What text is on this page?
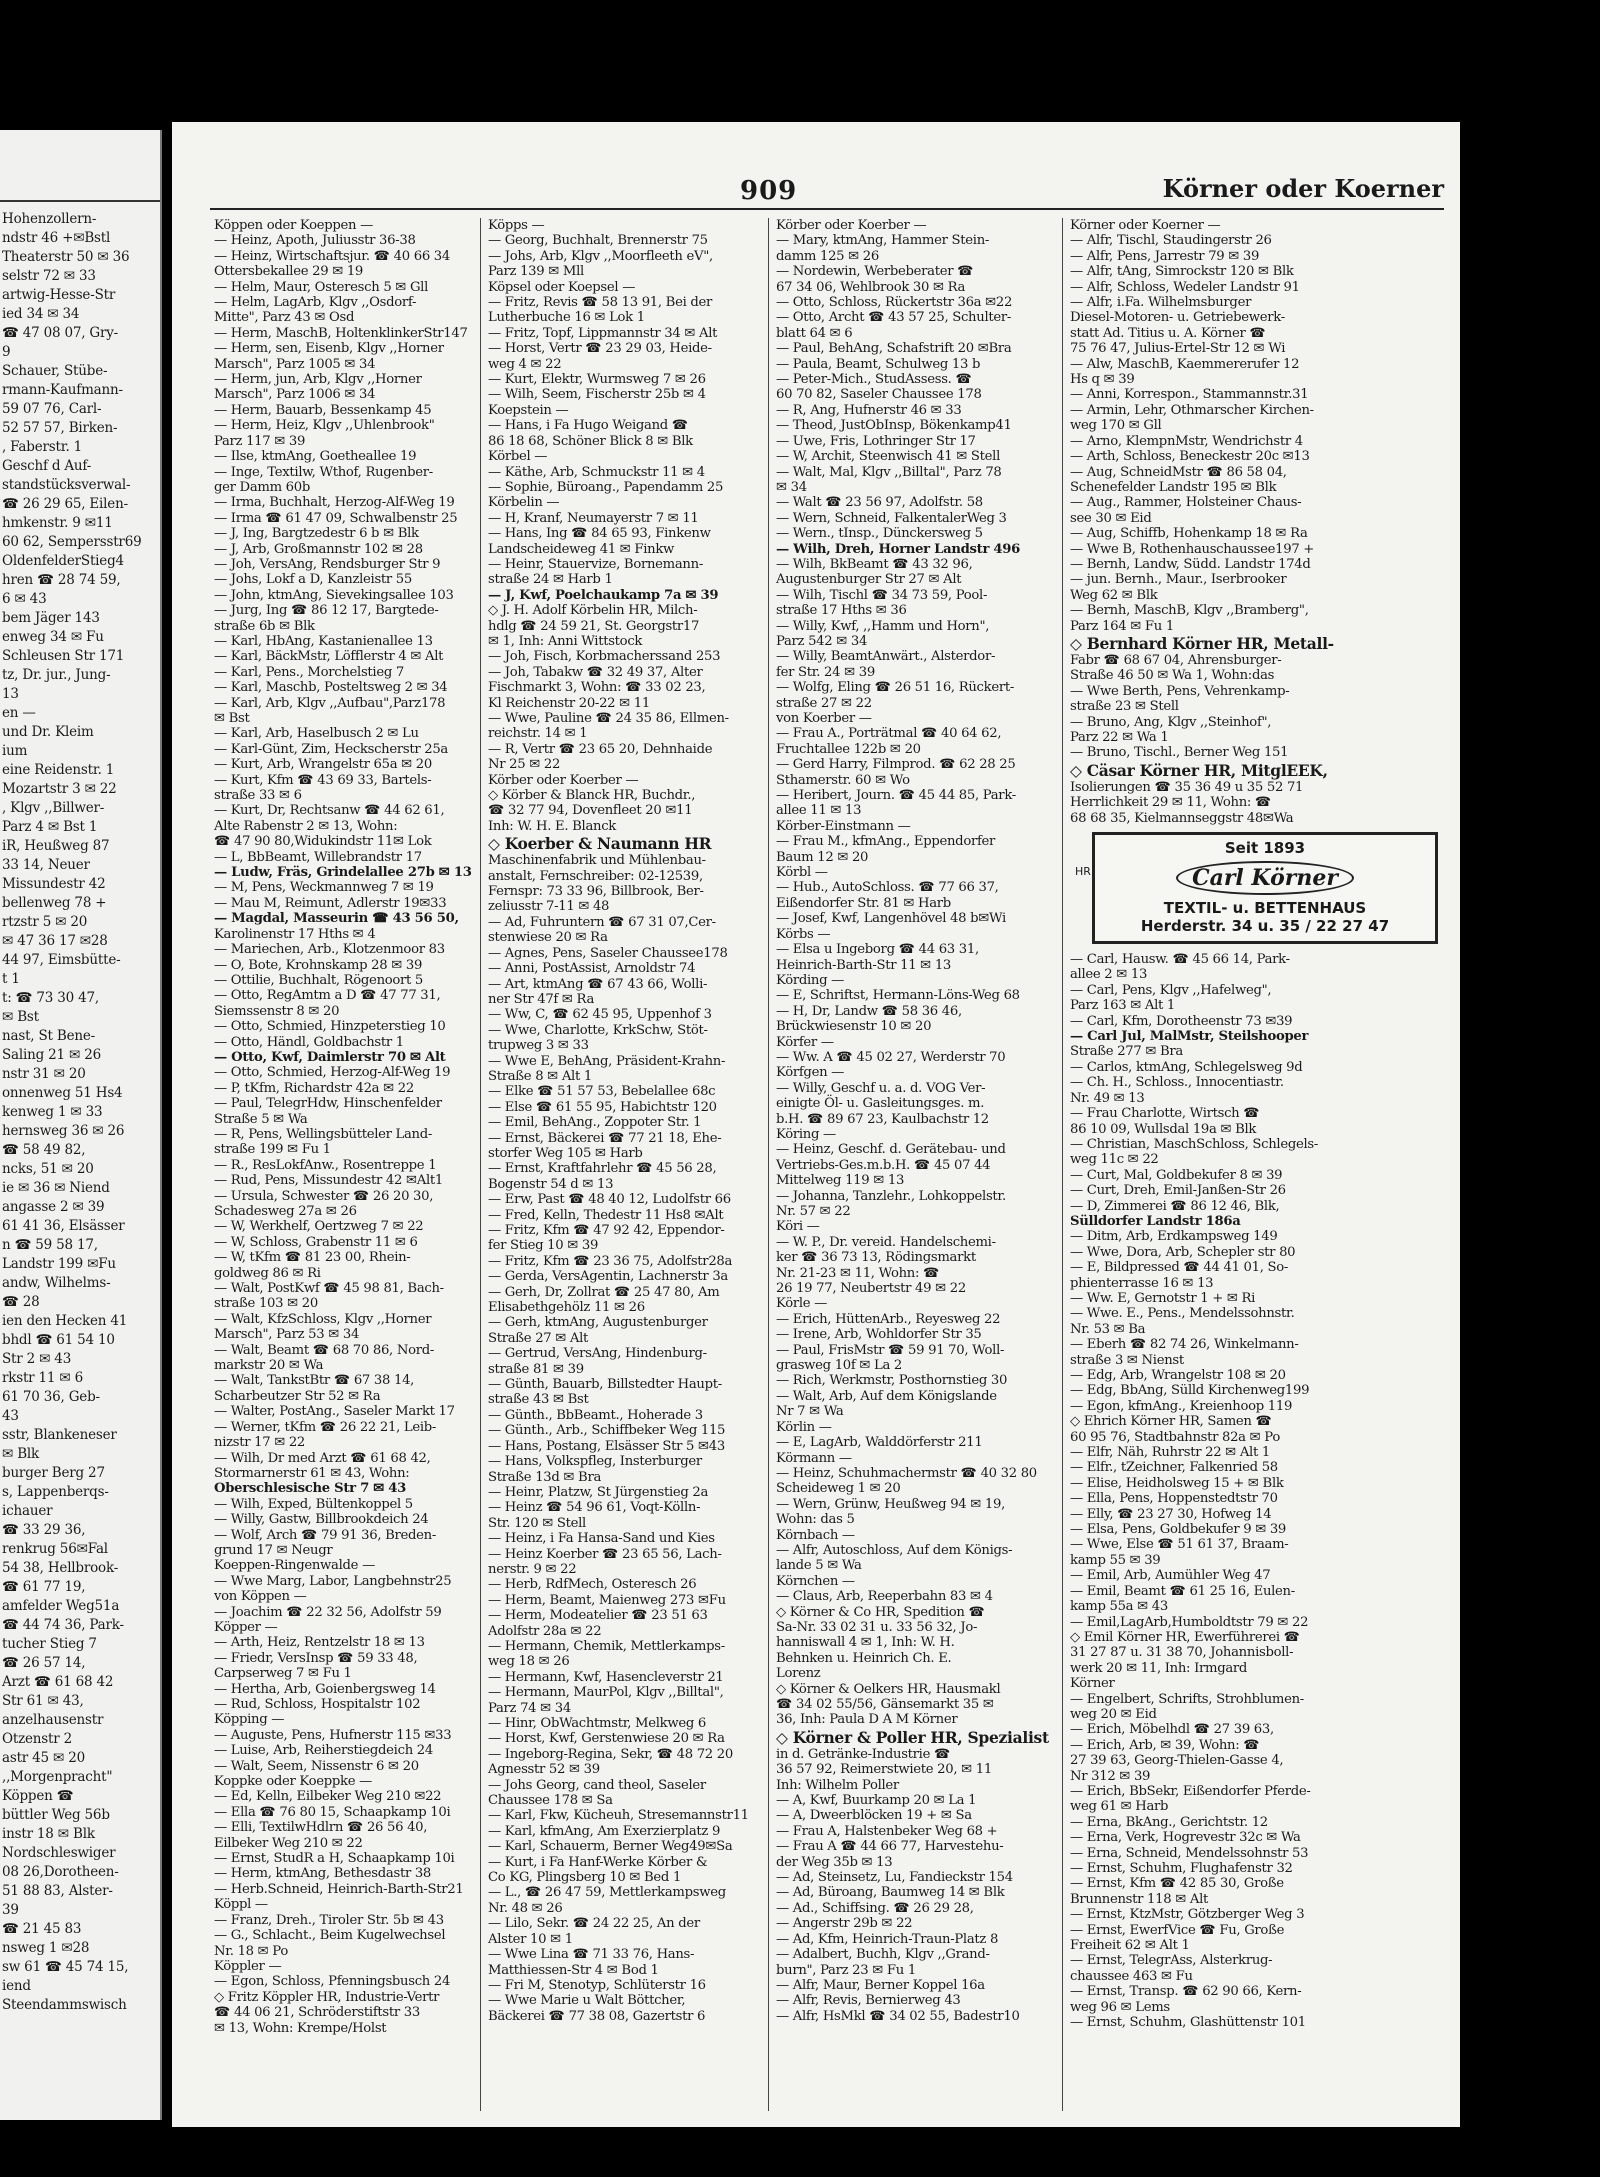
Hohenzollern-
ndstr 46 +✉Bstl
Theaterstr 50 ✉ 36
selstr 72 ✉ 33
artwig-Hesse-Str
ied 34 ✉ 34
☎ 47 08 07, Gry-
9
Schauer, Stübe-
rmann-Kaufmann-
59 07 76, Carl-
52 57 57, Birken-
, Faberstr. 1
Geschf d Auf-
standstücksverwal-
☎ 26 29 65, Eilen-
hmkenstr. 9 ✉11
60 62, Sempersstr69
OldenfelderStieg4
hren ☎ 28 74 59,
6 ✉ 43
bem Jäger 143
enweg 34 ✉ Fu
Schleusen Str 171
tz, Dr. jur., Jung-
13
en —
und Dr. Kleim
ium
eine Reidenstr. 1
Mozartstr 3 ✉ 22
, Klgv ,,Billwer-
Parz 4 ✉ Bst 1
iR, Heußweg 87
33 14, Neuer
Missundestr 42
bellenweg 78 +
rtzstr 5 ✉ 20
✉ 47 36 17 ✉28
44 97, Eimsbütte-
t 1
t: ☎ 73 30 47,
✉ Bst
nast, St Bene-
Saling 21 ✉ 26
nstr 31 ✉ 20
onnenweg 51 Hs4
kenweg 1 ✉ 33
hernsweg 36 ✉ 26
☎ 58 49 82,
ncks, 51 ✉ 20
ie ✉ 36 ✉ Niend
angasse 2 ✉ 39
61 41 36, Elsässer
n ☎ 59 58 17,
Landstr 199 ✉Fu
andw, Wilhelms-
☎ 28
ien den Hecken 41
bhdl ☎ 61 54 10
Str 2 ✉ 43
rkstr 11 ✉ 6
61 70 36, Geb-
43
sstr, Blankeneser
✉ Blk
burger Berg 27
s, Lappenberqs-
ichauer
☎ 33 29 36,
renkrug 56✉Fal
54 38, Hellbrook-
☎ 61 77 19,
amfelder Weg51a
☎ 44 74 36, Park-
tucher Stieg 7
☎ 26 57 14,
Arzt ☎ 61 68 42
Str 61 ✉ 43,
anzelhausenstr
Otzenstr 2
astr 45 ✉ 20
,,Morgenpracht"
Köppen ☎
büttler Weg 56b
instr 18 ✉ Blk
Nordschleswiger
08 26,Dorotheen-
51 88 83, Alster-
39
☎ 21 45 83
nsweg 1 ✉28
sw 61 ☎ 45 74 15,
iend
Steendammswisch
909	Körner oder Koerner
Köppen oder Koeppen —
— Heinz, Apoth, Juliusstr 36-38
— Heinz, Wirtschaftsjur. ☎ 40 66 34
Ottersbekallee 29 ✉ 19
— Helm, Maur, Osteresch 5 ✉ Gll
— Helm, LagArb, Klgv ,,Osdorf-
Mitte", Parz 43 ✉ Osd
— Herm, MaschB, HoltenklinkerStr147
— Herm, sen, Eisenb, Klgv ,,Horner
Marsch", Parz 1005 ✉ 34
— Herm, jun, Arb, Klgv ,,Horner
Marsch", Parz 1006 ✉ 34
— Herm, Bauarb, Bessenkamp 45
— Herm, Heiz, Klgv ,,Uhlenbrook"
Parz 117 ✉ 39
— Ilse, ktmAng, Goetheallee 19
— Inge, Textilw, Wthof, Rugenber-
ger Damm 60b
— Irma, Buchhalt, Herzog-Alf-Weg 19
— Irma ☎ 61 47 09, Schwalbenstr 25
— J, Ing, Bargtzedestr 6 b ✉ Blk
— J, Arb, Großmannstr 102 ✉ 28
— Joh, VersAng, Rendsburger Str 9
— Johs, Lokf a D, Kanzleistr 55
— John, ktmAng, Sievekingsallee 103
— Jurg, Ing ☎ 86 12 17, Bargtede-
straße 6b ✉ Blk
— Karl, HbAng, Kastanienallee 13
— Karl, BäckMstr, Löfflerstr 4 ✉ Alt
— Karl, Pens., Morchelstieg 7
— Karl, Maschb, Posteltsweg 2 ✉ 34
— Karl, Arb, Klgv ,,Aufbau",Parz178
✉ Bst
— Karl, Arb, Haselbusch 2 ✉ Lu
— Karl-Günt, Zim, Heckscherstr 25a
— Kurt, Arb, Wrangelstr 65a ✉ 20
— Kurt, Kfm ☎ 43 69 33, Bartels-
straße 33 ✉ 6
— Kurt, Dr, Rechtsanw ☎ 44 62 61,
Alte Rabenstr 2 ✉ 13, Wohn:
☎ 47 90 80,Widukindstr 11✉ Lok
— L, BbBeamt, Willebrandstr 17
— Ludw, Fräs, Grindelallee 27b ✉ 13
— M, Pens, Weckmannweg 7 ✉ 19
— Mau M, Reimunt, Adlerstr 19✉33
— Magdal, Masseurin ☎ 43 56 50,
Karolinenstr 17 Hths ✉ 4
— Mariechen, Arb., Klotzenmoor 83
— O, Bote, Krohnskamp 28 ✉ 39
— Ottilie, Buchhalt, Rögenoort 5
— Otto, RegAmtm a D ☎ 47 77 31,
Siemssenstr 8 ✉ 20
— Otto, Schmied, Hinzpeterstieg 10
— Otto, Händl, Goldbachstr 1
— Otto, Kwf, Daimlerstr 70 ✉ Alt
— Otto, Schmied, Herzog-Alf-Weg 19
— P, tKfm, Richardstr 42a ✉ 22
— Paul, TelegrHdw, Hinschenfelder
Straße 5 ✉ Wa
— R, Pens, Wellingsbütteler Land-
straße 199 ✉ Fu 1
— R., ResLokfAnw., Rosentreppe 1
— Rud, Pens, Missundestr 42 ✉Alt1
— Ursula, Schwester ☎ 26 20 30,
Schadesweg 27a ✉ 26
— W, Werkhelf, Oertzweg 7 ✉ 22
— W, Schloss, Grabenstr 11 ✉ 6
— W, tKfm ☎ 81 23 00, Rhein-
goldweg 86 ✉ Ri
— Walt, PostKwf ☎ 45 98 81, Bach-
straße 103 ✉ 20
— Walt, KfzSchloss, Klgv ,,Horner
Marsch", Parz 53 ✉ 34
— Walt, Beamt ☎ 68 70 86, Nord-
markstr 20 ✉ Wa
— Walt, TankstBtr ☎ 67 38 14,
Scharbeutzer Str 52 ✉ Ra
— Walter, PostAng., Saseler Markt 17
— Werner, tKfm ☎ 26 22 21, Leib-
nizstr 17 ✉ 22
— Wilh, Dr med Arzt ☎ 61 68 42,
Stormarnerstr 61 ✉ 43, Wohn:
Oberschlesische Str 7 ✉ 43
— Wilh, Exped, Bültenkoppel 5
— Willy, Gastw, Billbrookdeich 24
— Wolf, Arch ☎ 79 91 36, Breden-
grund 17 ✉ Neugr
Koeppen-Ringenwalde —
— Wwe Marg, Labor, Langbehnstr25
von Köppen —
— Joachim ☎ 22 32 56, Adolfstr 59
Köpper —
— Arth, Heiz, Rentzelstr 18 ✉ 13
— Friedr, VersInsp ☎ 59 33 48,
Carpserweg 7 ✉ Fu 1
— Hertha, Arb, Goienbergsweg 14
— Rud, Schloss, Hospitalstr 102
Köpping —
— Auguste, Pens, Hufnerstr 115 ✉33
— Luise, Arb, Reiherstiegdeich 24
— Walt, Seem, Nissenstr 6 ✉ 20
Koppke oder Koeppke —
— Ed, Kelln, Eilbeker Weg 210 ✉22
— Ella ☎ 76 80 15, Schaapkamp 10i
— Elli, TextilwHdlrn ☎ 26 56 40,
Eilbeker Weg 210 ✉ 22
— Ernst, StudR a H, Schaapkamp 10i
— Herm, ktmAng, Bethesdastr 38
— Herb.Schneid, Heinrich-Barth-Str21
Köppl —
— Franz, Dreh., Tiroler Str. 5b ✉ 43
— G., Schlacht., Beim Kugelwechsel
Nr. 18 ✉ Po
Köppler —
— Egon, Schloss, Pfenningsbusch 24
◇ Fritz Köppler HR, Industrie-Vertr
☎ 44 06 21, Schröderstiftstr 33
✉ 13, Wohn: Krempe/Holst
Köpps —
— Georg, Buchhalt, Brennerstr 75
— Johs, Arb, Klgv ,,Moorfleeth eV",
Parz 139 ✉ Mll
Köpsel oder Koepsel —
— Fritz, Revis ☎ 58 13 91, Bei der
Lutherbuche 16 ✉ Lok 1
— Fritz, Topf, Lippmannstr 34 ✉ Alt
— Horst, Vertr ☎ 23 29 03, Heide-
weg 4 ✉ 22
— Kurt, Elektr, Wurmsweg 7 ✉ 26
— Wilh, Seem, Fischerstr 25b ✉ 4
Koepstein —
— Hans, i Fa Hugo Weigand ☎
86 18 68, Schöner Blick 8 ✉ Blk
Körbel —
— Käthe, Arb, Schmuckstr 11 ✉ 4
— Sophie, Büroang., Papendamm 25
Körbelin —
— H, Kranf, Neumayerstr 7 ✉ 11
— Hans, Ing ☎ 84 65 93, Finkenw
Landscheideweg 41 ✉ Finkw
— Heinr, Stauervize, Bornemann-
straße 24 ✉ Harb 1
— J, Kwf, Poelchaukamp 7a ✉ 39
◇ J. H. Adolf Körbelin HR, Milch-
hdlg ☎ 24 59 21, St. Georgstr17
✉ 1, Inh: Anni Wittstock
— Joh, Fisch, Korbmacherssand 253
— Joh, Tabakw ☎ 32 49 37, Alter
Fischmarkt 3, Wohn: ☎ 33 02 23,
Kl Reichenstr 20-22 ✉ 11
— Wwe, Pauline ☎ 24 35 86, Ellmen-
reichstr. 14 ✉ 1
— R, Vertr ☎ 23 65 20, Dehnhaide
Nr 25 ✉ 22
Körber oder Koerber —
◇ Körber & Blanck HR, Buchdr.,
☎ 32 77 94, Dovenfleet 20 ✉11
Inh: W. H. E. Blanck
◇ Koerber & Naumann HR
Maschinenfabrik und Mühlenbau-
anstalt, Fernschreiber: 02-12539,
Fernspr: 73 33 96, Billbrook, Ber-
zeliusstr 7-11 ✉ 48
— Ad, Fuhruntern ☎ 67 31 07,Cer-
stenwiese 20 ✉ Ra
— Agnes, Pens, Saseler Chaussee178
— Anni, PostAssist, Arnoldstr 74
— Art, ktmAng ☎ 67 43 66, Wolli-
ner Str 47f ✉ Ra
— Ww, C, ☎ 62 45 95, Uppenhof 3
— Wwe, Charlotte, KrkSchw, Stöt-
trupweg 3 ✉ 33
— Wwe E, BehAng, Präsident-Krahn-
Straße 8 ✉ Alt 1
— Elke ☎ 51 57 53, Bebelallee 68c
— Else ☎ 61 55 95, Habichtstr 120
— Emil, BehAng., Zoppoter Str. 1
— Ernst, Bäckerei ☎ 77 21 18, Ehe-
storfer Weg 105 ✉ Harb
— Ernst, Kraftfahrlehr ☎ 45 56 28,
Bogenstr 54 d ✉ 13
— Erw, Past ☎ 48 40 12, Ludolfstr 66
— Fred, Kelln, Thedestr 11 Hs8 ✉Alt
— Fritz, Kfm ☎ 47 92 42, Eppendor-
fer Stieg 10 ✉ 39
— Fritz, Kfm ☎ 23 36 75, Adolfstr28a
— Gerda, VersAgentin, Lachnerstr 3a
— Gerh, Dr, Zollrat ☎ 25 47 80, Am
Elisabethgehölz 11 ✉ 26
— Gerh, ktmAng, Augustenburger
Straße 27 ✉ Alt
— Gertrud, VersAng, Hindenburg-
straße 81 ✉ 39
— Günth, Bauarb, Billstedter Haupt-
straße 43 ✉ Bst
— Günth., BbBeamt., Hoherade 3
— Günth., Arb., Schiffbeker Weg 115
— Hans, Postang, Elsässer Str 5 ✉43
— Hans, Volkspfleg, Insterburger
Straße 13d ✉ Bra
— Heinr, Platzw, St Jürgenstieg 2a
— Heinz ☎ 54 96 61, Voqt-Kölln-
Str. 120 ✉ Stell
— Heinz, i Fa Hansa-Sand und Kies
— Heinz Koerber ☎ 23 65 56, Lach-
nerstr. 9 ✉ 22
— Herb, RdfMech, Osteresch 26
— Herm, Beamt, Maienweg 273 ✉Fu
— Herm, Modeatelier ☎ 23 51 63
Adolfstr 28a ✉ 22
— Hermann, Chemik, Mettlerkamps-
weg 18 ✉ 26
— Hermann, Kwf, Hasencleverstr 21
— Hermann, MaurPol, Klgv ,,Billtal",
Parz 74 ✉ 34
— Hinr, ObWachtmstr, Melkweg 6
— Horst, Kwf, Gerstenwiese 20 ✉ Ra
— Ingeborg-Regina, Sekr, ☎ 48 72 20
Agnesstr 52 ✉ 39
— Johs Georg, cand theol, Saseler
Chaussee 178 ✉ Sa
— Karl, Fkw, Kücheuh, Stresemannstr11
— Karl, kfmAng, Am Exerzierplatz 9
— Karl, Schauerm, Berner Weg49✉Sa
— Kurt, i Fa Hanf-Werke Körber &
Co KG, Plingsberg 10 ✉ Bed 1
— L., ☎ 26 47 59, Mettlerkampsweg
Nr. 48 ✉ 26
— Lilo, Sekr. ☎ 24 22 25, An der
Alster 10 ✉ 1
— Wwe Lina ☎ 71 33 76, Hans-
Matthiessen-Str 4 ✉ Bod 1
— Fri M, Stenotyp, Schlüterstr 16
— Wwe Marie u Walt Böttcher,
Bäckerei ☎ 77 38 08, Gazertstr 6
Körber oder Koerber —
— Mary, ktmAng, Hammer Stein-
damm 125 ✉ 26
— Nordewin, Werbeberater ☎
67 34 06, Wehlbrook 30 ✉ Ra
— Otto, Schloss, Rückertstr 36a ✉22
— Otto, Archt ☎ 43 57 25, Schulter-
blatt 64 ✉ 6
— Paul, BehAng, Schafstrift 20 ✉Bra
— Paula, Beamt, Schulweg 13 b
— Peter-Mich., StudAssess. ☎
60 70 82, Saseler Chaussee 178
— R, Ang, Hufnerstr 46 ✉ 33
— Theod, JustObInsp, Bökenkamp41
— Uwe, Fris, Lothringer Str 17
— W, Archit, Steenwisch 41 ✉ Stell
— Walt, Mal, Klgv ,,Billtal", Parz 78
✉ 34
— Walt ☎ 23 56 97, Adolfstr. 58
— Wern, Schneid, FalkentalerWeg 3
— Wern., tInsp., Dünckersweg 5
— Wilh, Dreh, Horner Landstr 496
— Wilh, BkBeamt ☎ 43 32 96,
Augustenburger Str 27 ✉ Alt
— Wilh, Tischl ☎ 34 73 59, Pool-
straße 17 Hths ✉ 36
— Willy, Kwf, ,,Hamm und Horn",
Parz 542 ✉ 34
— Willy, BeamtAnwärt., Alsterdor-
fer Str. 24 ✉ 39
— Wolfg, Eling ☎ 26 51 16, Rückert-
straße 27 ✉ 22
von Koerber —
— Frau A., Porträtmal ☎ 40 64 62,
Fruchtallee 122b ✉ 20
— Gerd Harry, Filmprod. ☎ 62 28 25
Sthamerstr. 60 ✉ Wo
— Heribert, Journ. ☎ 45 44 85, Park-
allee 11 ✉ 13
Körber-Einstmann —
— Frau M., kfmAng., Eppendorfer
Baum 12 ✉ 20
Körbl —
— Hub., AutoSchloss. ☎ 77 66 37,
Eißendorfer Str. 81 ✉ Harb
— Josef, Kwf, Langenhövel 48 b✉Wi
Körbs —
— Elsa u Ingeborg ☎ 44 63 31,
Heinrich-Barth-Str 11 ✉ 13
Körding —
— E, Schriftst, Hermann-Löns-Weg 68
— H, Dr, Landw ☎ 58 36 46,
Brückwiesenstr 10 ✉ 20
Körfer —
— Ww. A ☎ 45 02 27, Werderstr 70
Körfgen —
— Willy, Geschf u. a. d. VOG Ver-
einigte Öl- u. Gasleitungsges. m.
b.H. ☎ 89 67 23, Kaulbachstr 12
Köring —
— Heinz, Geschf. d. Gerätebau- und
Vertriebs-Ges.m.b.H. ☎ 45 07 44
Mittelweg 119 ✉ 13
— Johanna, Tanzlehr., Lohkoppelstr.
Nr. 57 ✉ 22
Köri —
— W. P., Dr. vereid. Handelschemi-
ker ☎ 36 73 13, Rödingsmarkt
Nr. 21-23 ✉ 11, Wohn: ☎
26 19 77, Neubertstr 49 ✉ 22
Körle —
— Erich, HüttenArb., Reyesweg 22
— Irene, Arb, Wohldorfer Str 35
— Paul, FrisMstr ☎ 59 91 70, Woll-
grasweg 10f ✉ La 2
— Rich, Werkmstr, Posthornstieg 30
— Walt, Arb, Auf dem Königslande
Nr 7 ✉ Wa
Körlin —
— E, LagArb, Walddörferstr 211
Körmann —
— Heinz, Schuhmachermstr ☎ 40 32 80
Scheideweg 1 ✉ 20
— Wern, Grünw, Heußweg 94 ✉ 19,
Wohn: das 5
Körnbach —
— Alfr, Autoschloss, Auf dem Königs-
lande 5 ✉ Wa
Körnchen —
— Claus, Arb, Reeperbahn 83 ✉ 4
◇ Körner & Co HR, Spedition ☎
Sa-Nr. 33 02 31 u. 33 56 32, Jo-
hanniswall 4 ✉ 1, Inh: W. H.
Behnken u. Heinrich Ch. E.
Lorenz
◇ Körner & Oelkers HR, Hausmakl
☎ 34 02 55/56, Gänsemarkt 35 ✉
36, Inh: Paula D A M Körner
◇ Körner & Poller HR, Spezialist
in d. Getränke-Industrie ☎
36 57 92, Reimerstwiete 20, ✉ 11
Inh: Wilhelm Poller
— A, Kwf, Buurkamp 20 ✉ La 1
— A, Dweerblöcken 19 + ✉ Sa
— Frau A, Halstenbeker Weg 68 +
— Frau A ☎ 44 66 77, Harvestehu-
der Weg 35b ✉ 13
— Ad, Steinsetz, Lu, Fandieckstr 154
— Ad, Büroang, Baumweg 14 ✉ Blk
— Ad., Schiffsing. ☎ 26 29 28,
— Angerstr 29b ✉ 22
— Ad, Kfm, Heinrich-Traun-Platz 8
— Adalbert, Buchh, Klgv ,,Grand-
burn", Parz 23 ✉ Fu 1
— Alfr, Maur, Berner Koppel 16a
— Alfr, Revis, Bernierweg 43
— Alfr, HsMkl ☎ 34 02 55, Badestr10
Körner oder Koerner —
— Alfr, Tischl, Staudingerstr 26
— Alfr, Pens, Jarrestr 79 ✉ 39
— Alfr, tAng, Simrockstr 120 ✉ Blk
— Alfr, Schloss, Wedeler Landstr 91
— Alfr, i.Fa. Wilhelmsburger
Diesel-Motoren- u. Getriebewerk-
statt Ad. Titius u. A. Körner ☎
75 76 47, Julius-Ertel-Str 12 ✉ Wi
— Alw, MaschB, Kaemmererufer 12
Hs q ✉ 39
— Anni, Korrespon., Stammannstr.31
— Armin, Lehr, Othmarscher Kirchen-
weg 170 ✉ Gll
— Arno, KlempnMstr, Wendrichstr 4
— Arth, Schloss, Beneckestr 20c ✉13
— Aug, SchneidMstr ☎ 86 58 04,
Schenefelder Landstr 195 ✉ Blk
— Aug., Rammer, Holsteiner Chaus-
see 30 ✉ Eid
— Aug, Schiffb, Hohenkamp 18 ✉ Ra
— Wwe B, Rothenhauschaussee197 +
— Bernh, Landw, Südd. Landstr 174d
— jun. Bernh., Maur., Iserbrooker
Weg 62 ✉ Blk
— Bernh, MaschB, Klgv ,,Bramberg",
Parz 164 ✉ Fu 1
◇ Bernhard Körner HR, Metall-
Fabr ☎ 68 67 04, Ahrensburger-
Straße 46 50 ✉ Wa 1, Wohn:das
— Wwe Berth, Pens, Vehrenkamp-
straße 23 ✉ Stell
— Bruno, Ang, Klgv ,,Steinhof",
Parz 22 ✉ Wa 1
— Bruno, Tischl., Berner Weg 151
◇ Cäsar Körner HR, MitglEEK,
Isolierungen ☎ 35 36 49 u 35 52 71
Herrlichkeit 29 ✉ 11, Wohn: ☎
68 68 35, Kielmannseggstr 48✉Wa
HR
Seit 1893
Carl Körner
TEXTIL- u. BETTENHAUS
Herderstr. 34 u. 35 / 22 27 47
— Carl, Hausw. ☎ 45 66 14, Park-
allee 2 ✉ 13
— Carl, Pens, Klgv ,,Hafelweg",
Parz 163 ✉ Alt 1
— Carl, Kfm, Dorotheenstr 73 ✉39
— Carl Jul, MalMstr, Steilshooper
Straße 277 ✉ Bra
— Carlos, ktmAng, Schlegelsweg 9d
— Ch. H., Schloss., Innocentiastr.
Nr. 49 ✉ 13
— Frau Charlotte, Wirtsch ☎
86 10 09, Wullsdal 19a ✉ Blk
— Christian, MaschSchloss, Schlegels-
weg 11c ✉ 22
— Curt, Mal, Goldbekufer 8 ✉ 39
— Curt, Dreh, Emil-Janßen-Str 26
— D, Zimmerei ☎ 86 12 46, Blk,
Sülldorfer Landstr 186a
— Ditm, Arb, Erdkampsweg 149
— Wwe, Dora, Arb, Schepler str 80
— E, Bildpressed ☎ 44 41 01, So-
phienterrasse 16 ✉ 13
— Ww. E, Gernotstr 1 + ✉ Ri
— Wwe. E., Pens., Mendelssohnstr.
Nr. 53 ✉ Ba
— Eberh ☎ 82 74 26, Winkelmann-
straße 3 ✉ Nienst
— Edg, Arb, Wrangelstr 108 ✉ 20
— Edg, BbAng, Sülld Kirchenweg199
— Egon, kfmAng., Kreienhoop 119
◇ Ehrich Körner HR, Samen ☎
60 95 76, Stadtbahnstr 82a ✉ Po
— Elfr, Näh, Ruhrstr 22 ✉ Alt 1
— Elfr., tZeichner, Falkenried 58
— Elise, Heidholsweg 15 + ✉ Blk
— Ella, Pens, Hoppenstedtstr 70
— Elly, ☎ 23 27 30, Hofweg 14
— Elsa, Pens, Goldbekufer 9 ✉ 39
— Wwe, Else ☎ 51 61 37, Braam-
kamp 55 ✉ 39
— Emil, Arb, Aumühler Weg 47
— Emil, Beamt ☎ 61 25 16, Eulen-
kamp 55a ✉ 43
— Emil,LagArb,Humboldtstr 79 ✉ 22
◇ Emil Körner HR, Ewerführerei ☎
31 27 87 u. 31 38 70, Johannisboll-
werk 20 ✉ 11, Inh: Irmgard
Körner
— Engelbert, Schrifts, Strohblumen-
weg 20 ✉ Eid
— Erich, Möbelhdl ☎ 27 39 63,
— Erich, Arb, ✉ 39, Wohn: ☎
27 39 63, Georg-Thielen-Gasse 4,
Nr 312 ✉ 39
— Erich, BbSekr, Eißendorfer Pferde-
weg 61 ✉ Harb
— Erna, BkAng., Gerichtstr. 12
— Erna, Verk, Hogrevestr 32c ✉ Wa
— Erna, Schneid, Mendelssohnstr 53
— Ernst, Schuhm, Flughafenstr 32
— Ernst, Kfm ☎ 42 85 30, Große
Brunnenstr 118 ✉ Alt
— Ernst, KtzMstr, Götzberger Weg 3
— Ernst, EwerfVice ☎ Fu, Große
Freiheit 62 ✉ Alt 1
— Ernst, TelegrAss, Alsterkrug-
chaussee 463 ✉ Fu
— Ernst, Transp. ☎ 62 90 66, Kern-
weg 96 ✉ Lems
— Ernst, Schuhm, Glashüttenstr 101
